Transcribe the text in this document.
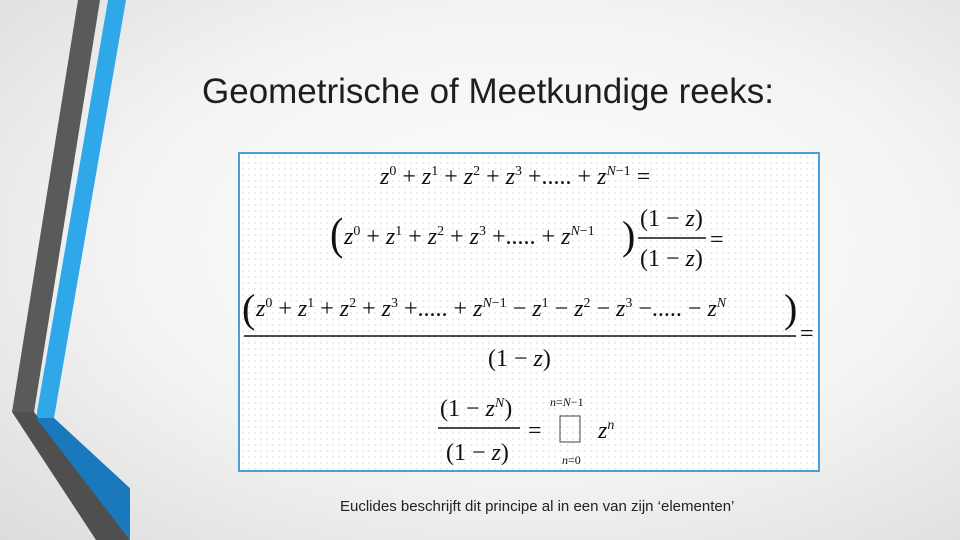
Geometrische of Meetkundige reeks:
$z^0 + z^1 + z^2 + z^3$ +..... + $z^N-1$ =
( $z^0 + z^1 + z^2 + z^3$ +..... + $z^N-1$ ) (1 − z)
(1 − z)
=
( $z^0 + z^1 + z^2 + z^3$ +..... + $z^N-1 - z^1 - z^2 - z^3$ −..... − $z^N$ )
(1 − z)
=
$(1 - z^N)$
(1 − z)
=
n=N−1
n=0
$z^n$
Euclides beschrijft dit principe al in een van zijn ‘elementen’
